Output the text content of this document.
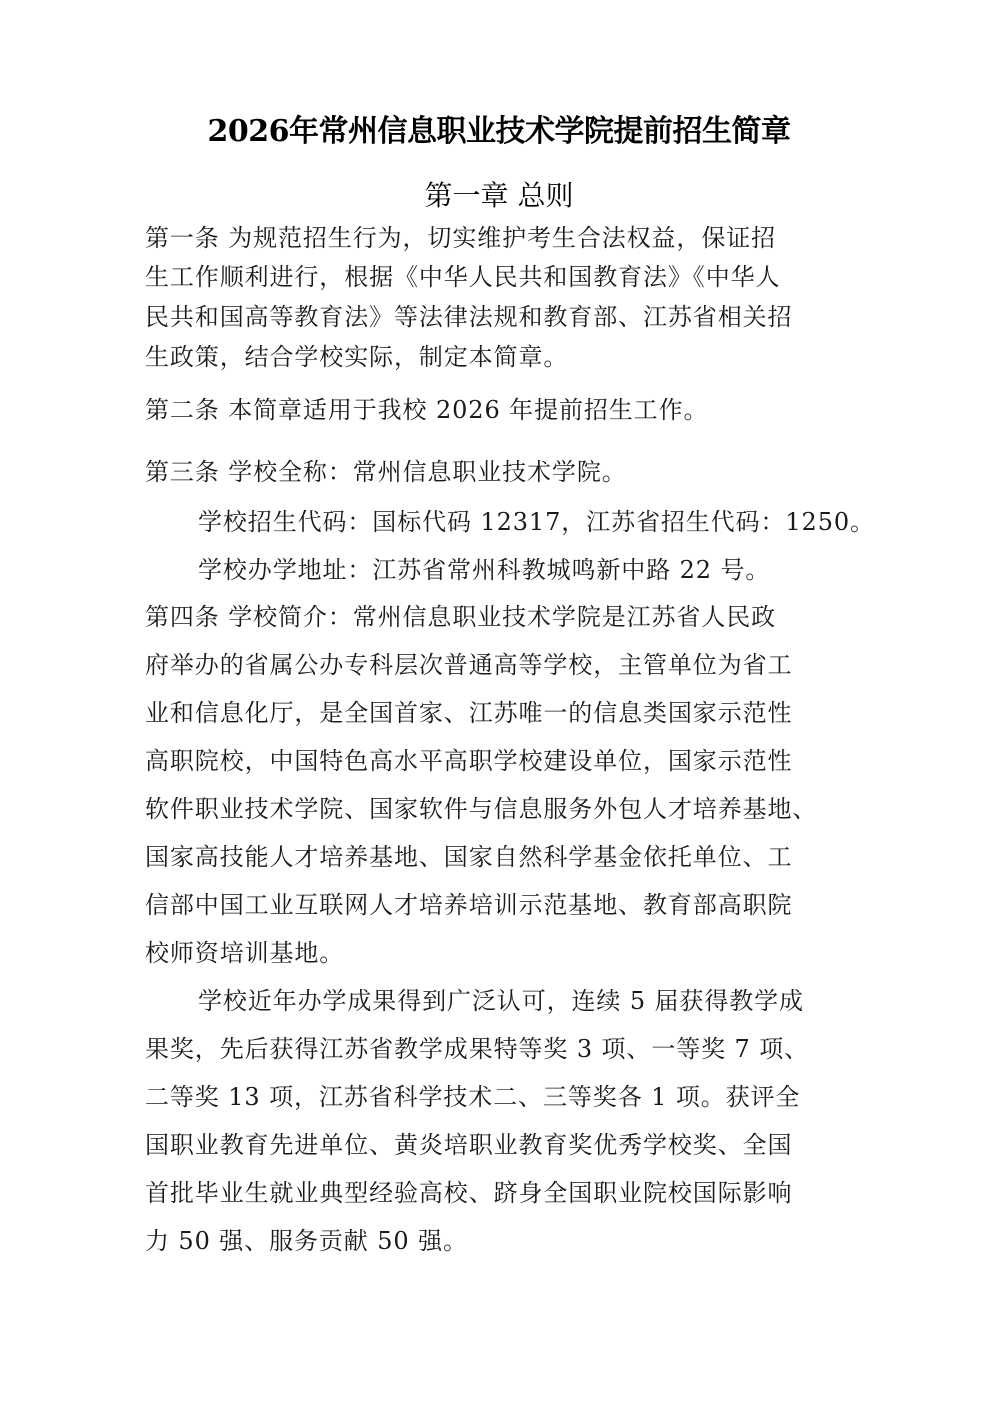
2026年常州信息职业技术学院提前招生简章
第一章 总则
第一条 为规范招生行为，切实维护考生合法权益，保证招
生工作顺利进行，根据《中华人民共和国教育法》《中华人
民共和国高等教育法》等法律法规和教育部、江苏省相关招
生政策，结合学校实际，制定本简章。
第二条 本简章适用于我校 2026 年提前招生工作。
第三条 学校全称：常州信息职业技术学院。
学校招生代码：国标代码 12317，江苏省招生代码：1250。
学校办学地址：江苏省常州科教城鸣新中路 22 号。
第四条 学校简介：常州信息职业技术学院是江苏省人民政
府举办的省属公办专科层次普通高等学校，主管单位为省工
业和信息化厅，是全国首家、江苏唯一的信息类国家示范性
高职院校，中国特色高水平高职学校建设单位，国家示范性
软件职业技术学院、国家软件与信息服务外包人才培养基地、
国家高技能人才培养基地、国家自然科学基金依托单位、工
信部中国工业互联网人才培养培训示范基地、教育部高职院
校师资培训基地。
学校近年办学成果得到广泛认可，连续 5 届获得教学成
果奖，先后获得江苏省教学成果特等奖 3 项、一等奖 7 项、
二等奖 13 项，江苏省科学技术二、三等奖各 1 项。获评全
国职业教育先进单位、黄炎培职业教育奖优秀学校奖、全国
首批毕业生就业典型经验高校、跻身全国职业院校国际影响
力 50 强、服务贡献 50 强。
